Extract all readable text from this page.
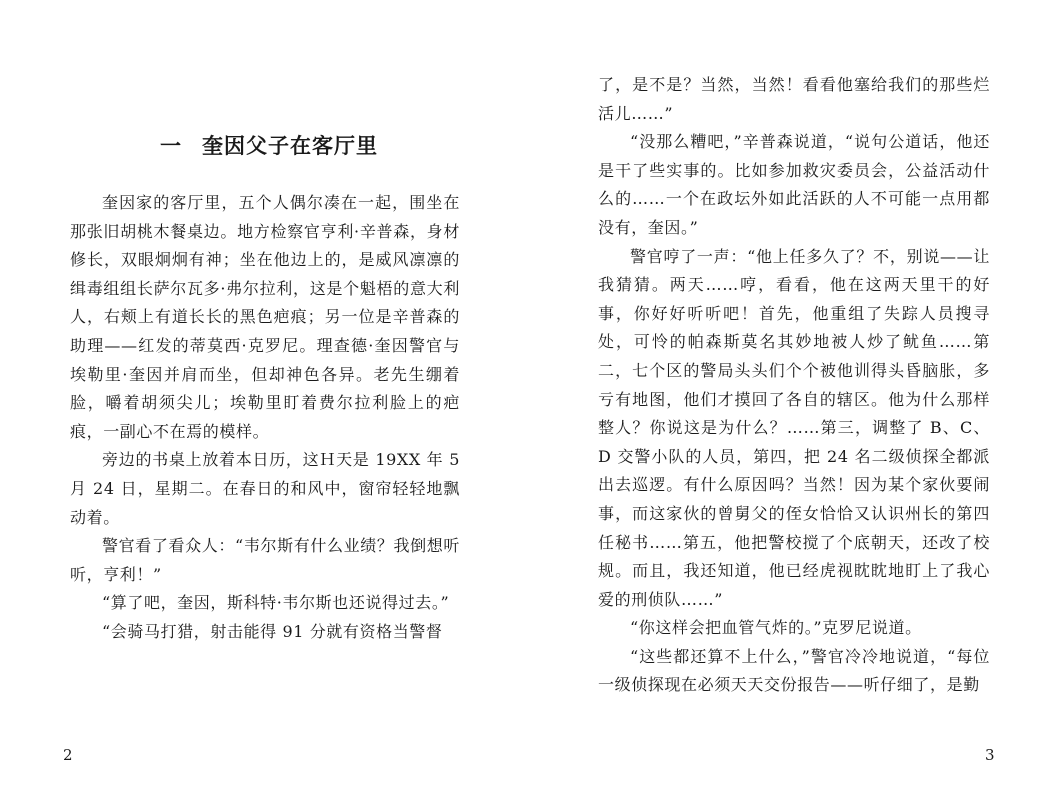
一 奎因父子在客厅里

奎因家的客厅里，五个人偶尔凑在一起，围坐在那张旧胡桃木餐桌边。地方检察官亨利·辛普森，身材修长，双眼炯炯有神；坐在他边上的，是威风凛凛的缉毒组组长萨尔瓦多·弗尔拉利，这是个魁梧的意大利人，右颊上有道长长的黑色疤痕；另一位是辛普森的助理——红发的蒂莫西·克罗尼。理查德·奎因警官与埃勒里·奎因并肩而坐，但却神色各异。老先生绷着脸，嚼着胡须尖儿；埃勒里盯着费尔拉利脸上的疤痕，一副心不在焉的模样。

旁边的书桌上放着本日历，这Ｈ天是 19XX 年 5 月 24 日，星期二。在春日的和风中，窗帘轻轻地飘动着。

警官看了看众人：“韦尔斯有什么业绩？我倒想听听，亨利！”

“算了吧，奎因，斯科特·韦尔斯也还说得过去。”

“会骑马打猎，射击能得 91 分就有资格当警督

2

了，是不是？当然，当然！看看他塞给我们的那些烂活儿……”

“没那么糟吧，”辛普森说道，“说句公道话，他还是干了些实事的。比如参加救灾委员会，公益活动什么的……一个在政坛外如此活跃的人不可能一点用都没有，奎因。”

警官哼了一声：“他上任多久了？不，别说——让我猜猜。两天……哼，看看，他在这两天里干的好事，你好好听听吧！首先，他重组了失踪人员搜寻处，可怜的帕森斯莫名其妙地被人炒了鱿鱼……第二，七个区的警局头头们个个被他训得头昏脑胀，多亏有地图，他们才摸回了各自的辖区。他为什么那样整人？你说这是为什么？……第三，调整了 B、C、D 交警小队的人员，第四，把 24 名二级侦探全都派出去巡逻。有什么原因吗？当然！因为某个家伙要闹事，而这家伙的曾舅父的侄女恰恰又认识州长的第四任秘书……第五，他把警校搅了个底朝天，还改了校规。而且，我还知道，他已经虎视眈眈地盯上了我心爱的刑侦队……”

“你这样会把血管气炸的。”克罗尼说道。

“这些都还算不上什么，”警官冷冷地说道，“每位一级侦探现在必须天天交份报告——听仔细了，是勤

3
